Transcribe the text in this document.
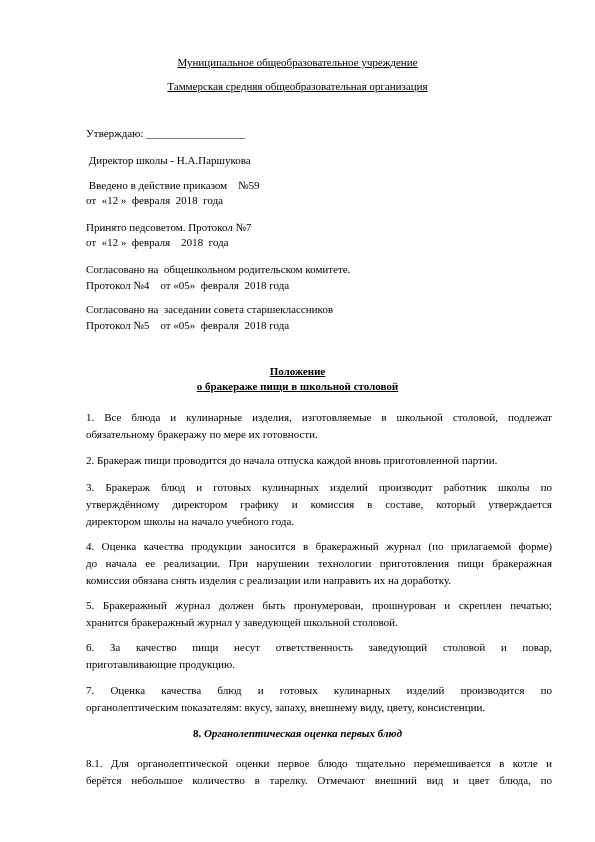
Муниципальное общеобразовательное учреждение
Таммерская средняя общеобразовательная организация
Утверждаю: __________________
Директор школы - Н.А.Паршукова
Введено в действие приказом    №59
от  «12 »  февраля  2018  года
Принято педсоветом. Протокол №7
от  «12 »  февраля    2018  года
Согласовано на  общешкольном родительском комитете.
Протокол №4    от «05»  февраля  2018 года
Согласовано на  заседании совета старшеклассников
Протокол №5    от «05»  февраля  2018 года
Положение
о бракераже пищи в школьной столовой
1. Все блюда и кулинарные изделия, изготовляемые в школьной столовой, подлежат
обязательному бракеражу по мере их готовности.
2. Бракераж пищи проводится до начала отпуска каждой вновь приготовленной партии.
3. Бракераж блюд и готовых кулинарных изделий производит работник школы по
утверждённому директором графику и комиссия в составе, который утверждается
директором школы на начало учебного года.
4. Оценка качества продукции заносится в бракеражный журнал (по прилагаемой форме)
до начала ее реализации. При нарушении технологии приготовления пищи бракеражная
комиссия обязана снять изделия с реализации или направить их на доработку.
5. Бракеражный журнал должен быть пронумерован, прошнурован и скреплен печатью;
хранится бракеражный журнал у заведующей школьной столовой.
6. За качество пищи несут ответственность заведующий столовой и повар,
приготавливающие продукцию.
7. Оценка качества блюд и готовых кулинарных изделий производится по
органолептическим показателям: вкусу, запаху, внешнему виду, цвету, консистенции.
8. Органолептическая оценка первых блюд
8.1. Для органолептической оценки первое блюдо тщательно перемешивается в котле и
берётся небольшое количество в тарелку. Отмечают внешний вид и цвет блюда, по
